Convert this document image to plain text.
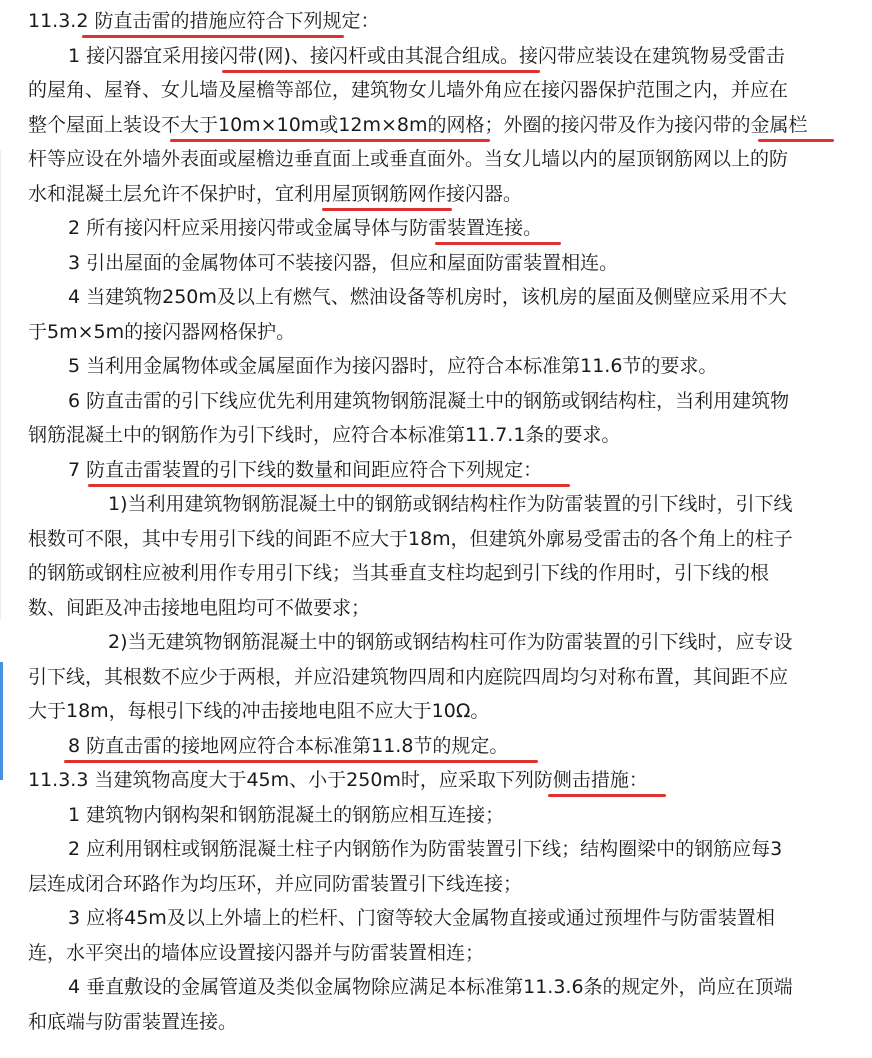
11.3.2 防直击雷的措施应符合下列规定：
1 接闪器宜采用接闪带(网)、接闪杆或由其混合组成。接闪带应装设在建筑物易受雷击
的屋角、屋脊、女儿墙及屋檐等部位，建筑物女儿墙外角应在接闪器保护范围之内，并应在
整个屋面上装设不大于10m×10m或12m×8m的网格；外圈的接闪带及作为接闪带的金属栏
杆等应设在外墙外表面或屋檐边垂直面上或垂直面外。当女儿墙以内的屋顶钢筋网以上的防
水和混凝土层允许不保护时，宜利用屋顶钢筋网作接闪器。
2 所有接闪杆应采用接闪带或金属导体与防雷装置连接。
3 引出屋面的金属物体可不装接闪器，但应和屋面防雷装置相连。
4 当建筑物250m及以上有燃气、燃油设备等机房时，该机房的屋面及侧壁应采用不大
于5m×5m的接闪器网格保护。
5 当利用金属物体或金属屋面作为接闪器时，应符合本标准第11.6节的要求。
6 防直击雷的引下线应优先利用建筑物钢筋混凝土中的钢筋或钢结构柱，当利用建筑物
钢筋混凝土中的钢筋作为引下线时，应符合本标准第11.7.1条的要求。
7 防直击雷装置的引下线的数量和间距应符合下列规定：
1)当利用建筑物钢筋混凝土中的钢筋或钢结构柱作为防雷装置的引下线时，引下线
根数可不限，其中专用引下线的间距不应大于18m，但建筑外廓易受雷击的各个角上的柱子
的钢筋或钢柱应被利用作专用引下线；当其垂直支柱均起到引下线的作用时，引下线的根
数、间距及冲击接地电阻均可不做要求；
2)当无建筑物钢筋混凝土中的钢筋或钢结构柱可作为防雷装置的引下线时，应专设
引下线，其根数不应少于两根，并应沿建筑物四周和内庭院四周均匀对称布置，其间距不应
大于18m，每根引下线的冲击接地电阻不应大于10Ω。
8 防直击雷的接地网应符合本标准第11.8节的规定。
11.3.3 当建筑物高度大于45m、小于250m时，应采取下列防侧击措施：
1 建筑物内钢构架和钢筋混凝土的钢筋应相互连接；
2 应利用钢柱或钢筋混凝土柱子内钢筋作为防雷装置引下线；结构圈梁中的钢筋应每3
层连成闭合环路作为均压环，并应同防雷装置引下线连接；
3 应将45m及以上外墙上的栏杆、门窗等较大金属物直接或通过预埋件与防雷装置相
连，水平突出的墙体应设置接闪器并与防雷装置相连；
4 垂直敷设的金属管道及类似金属物除应满足本标准第11.3.6条的规定外，尚应在顶端
和底端与防雷装置连接。
